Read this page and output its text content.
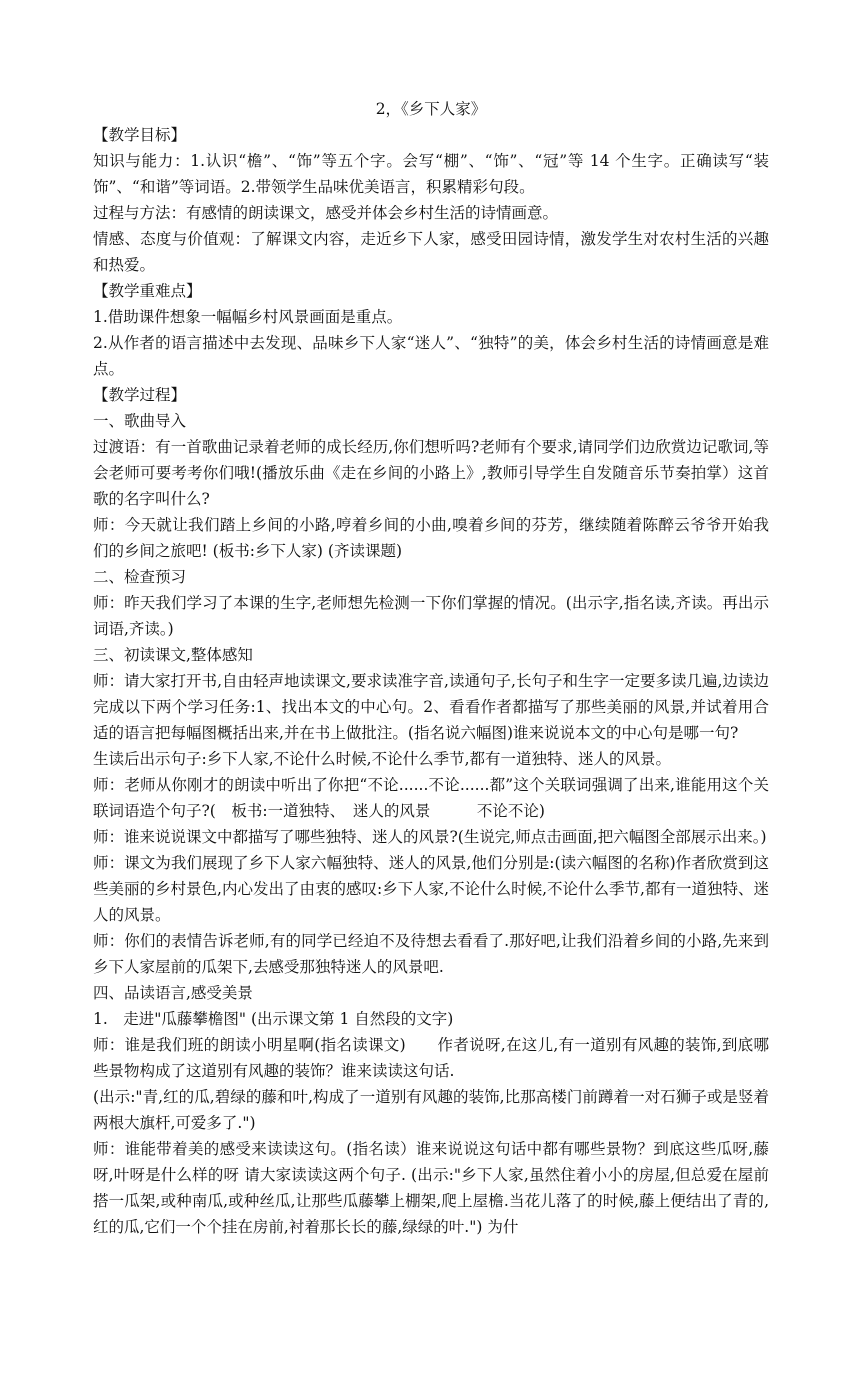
2，《乡下人家》

【教学目标】

知识与能力：1.认识“檐”、“饰”等五个字。会写“棚”、“饰”、“冠”等 14 个生字。正确读写“装饰”、“和谐”等词语。2.带领学生品味优美语言，积累精彩句段。

过程与方法：有感情的朗读课文，感受并体会乡村生活的诗情画意。

情感、态度与价值观：了解课文内容，走近乡下人家，感受田园诗情，激发学生对农村生活的兴趣和热爱。

【教学重难点】

1.借助课件想象一幅幅乡村风景画面是重点。

2.从作者的语言描述中去发现、品味乡下人家“迷人”、“独特”的美，体会乡村生活的诗情画意是难点。

【教学过程】

一、歌曲导入

过渡语：有一首歌曲记录着老师的成长经历,你们想听吗?老师有个要求,请同学们边欣赏边记歌词,等会老师可要考考你们哦!(播放乐曲《走在乡间的小路上》,教师引导学生自发随音乐节奏拍掌）这首歌的名字叫什么?

师：今天就让我们踏上乡间的小路,哼着乡间的小曲,嗅着乡间的芬芳，继续随着陈醉云爷爷开始我们的乡间之旅吧! (板书:乡下人家) (齐读课题)

二、检查预习

师：昨天我们学习了本课的生字,老师想先检测一下你们掌握的情况。(出示字,指名读,齐读。再出示词语,齐读。)

三、初读课文,整体感知

师：请大家打开书,自由轻声地读课文,要求读准字音,读通句子,长句子和生字一定要多读几遍,边读边完成以下两个学习任务:1、找出本文的中心句。2、看看作者都描写了那些美丽的风景,并试着用合适的语言把每幅图概括出来,并在书上做批注。(指名说六幅图)谁来说说本文的中心句是哪一句?

生读后出示句子:乡下人家,不论什么时候,不论什么季节,都有一道独特、迷人的风景。

师：老师从你刚才的朗读中听出了你把“不论......不论......都”这个关联词强调了出来,谁能用这个关联词语造个句子?(　板书:一道独特、　迷人的风景　　　不论不论)

师：谁来说说课文中都描写了哪些独特、迷人的风景?(生说完,师点击画面,把六幅图全部展示出来。)

师：课文为我们展现了乡下人家六幅独特、迷人的风景,他们分别是:(读六幅图的名称)作者欣赏到这些美丽的乡村景色,内心发出了由衷的感叹:乡下人家,不论什么时候,不论什么季节,都有一道独特、迷人的风景。

师：你们的表情告诉老师,有的同学已经迫不及待想去看看了.那好吧,让我们沿着乡间的小路,先来到乡下人家屋前的瓜架下,去感受那独特迷人的风景吧.

四、品读语言,感受美景

1.　走进"瓜藤攀檐图" (出示课文第 1 自然段的文字)

师：谁是我们班的朗读小明星啊(指名读课文)　　作者说呀,在这儿,有一道别有风趣的装饰,到底哪些景物构成了这道别有风趣的装饰？谁来读读这句话.

(出示:"青,红的瓜,碧绿的藤和叶,构成了一道别有风趣的装饰,比那高楼门前蹲着一对石狮子或是竖着两根大旗杆,可爱多了.")

师：谁能带着美的感受来读读这句。(指名读）谁来说说这句话中都有哪些景物？到底这些瓜呀,藤呀,叶呀是什么样的呀 请大家读读这两个句子. (出示:"乡下人家,虽然住着小小的房屋,但总爱在屋前搭一瓜架,或种南瓜,或种丝瓜,让那些瓜藤攀上棚架,爬上屋檐.当花儿落了的时候,藤上便结出了青的,红的瓜,它们一个个挂在房前,衬着那长长的藤,绿绿的叶.") 为什
